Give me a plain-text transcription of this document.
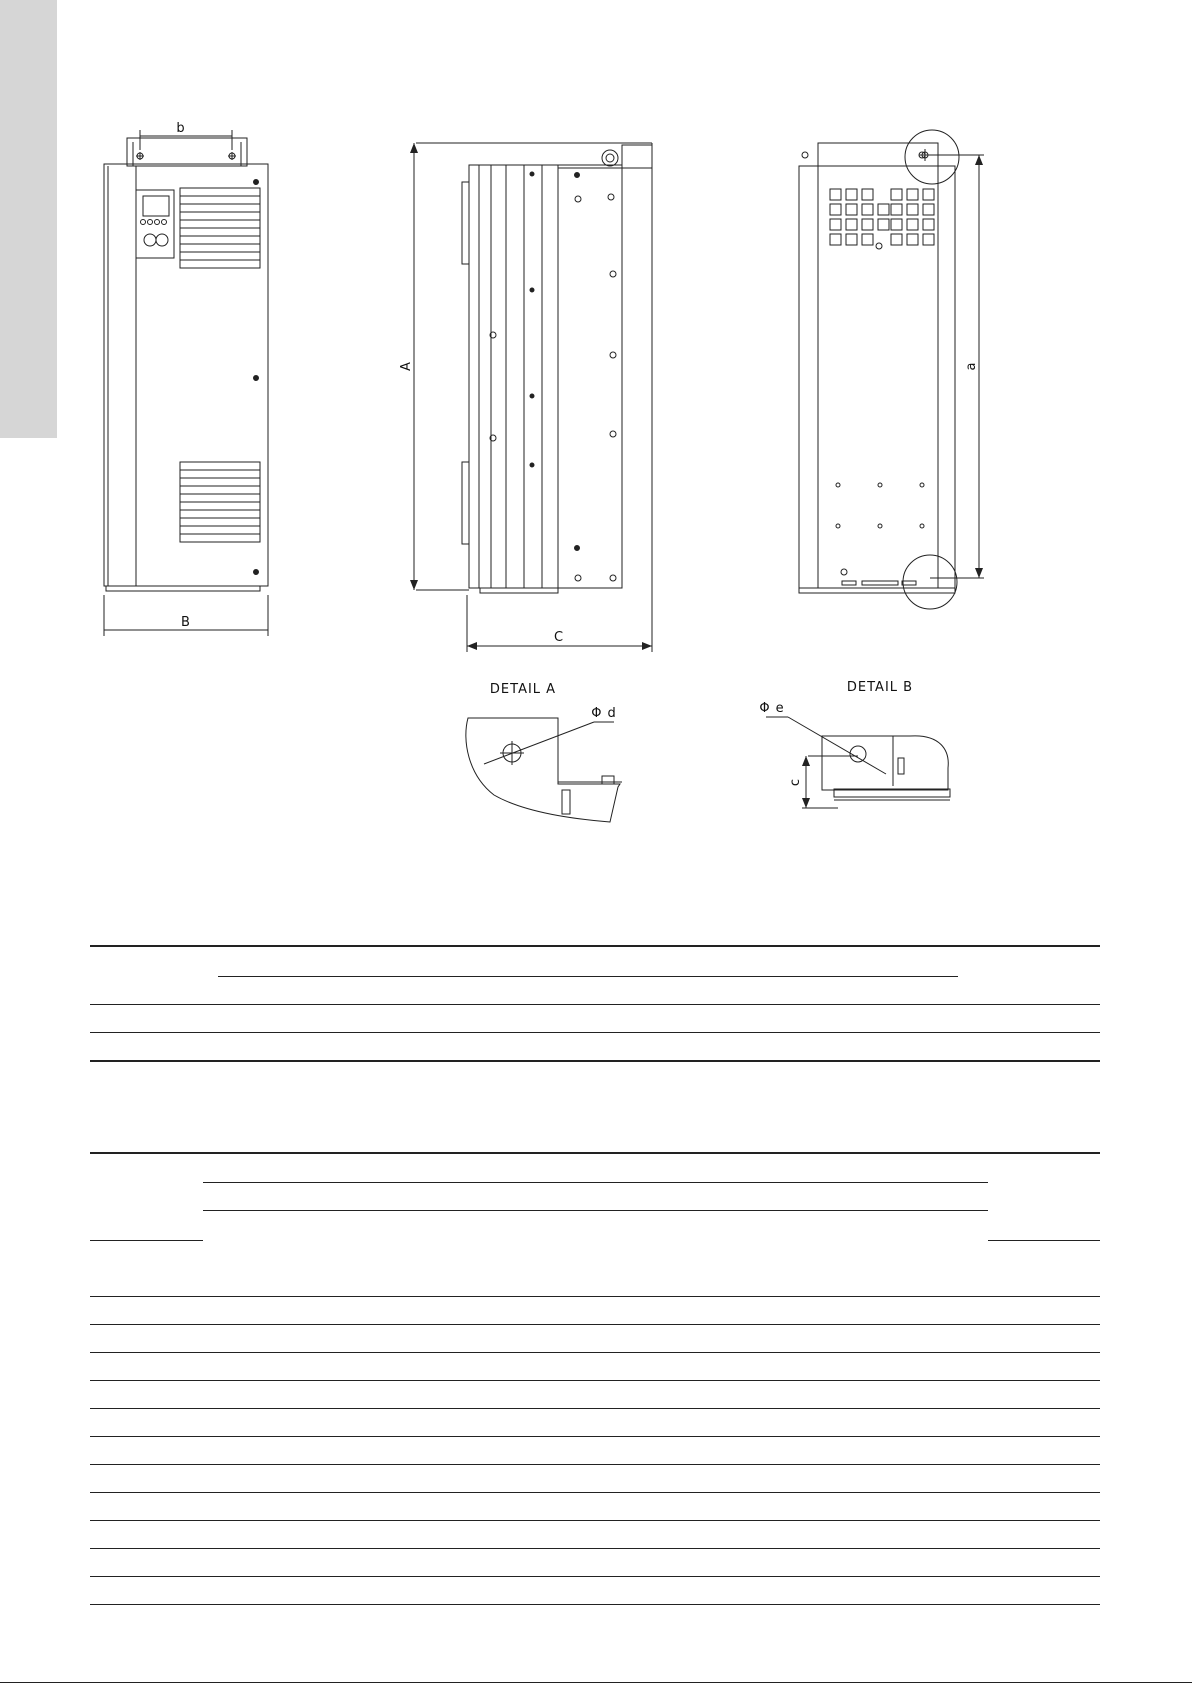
b
B
A
C
a
DETAIL A
Φ d
DETAIL B
Φ e
c
